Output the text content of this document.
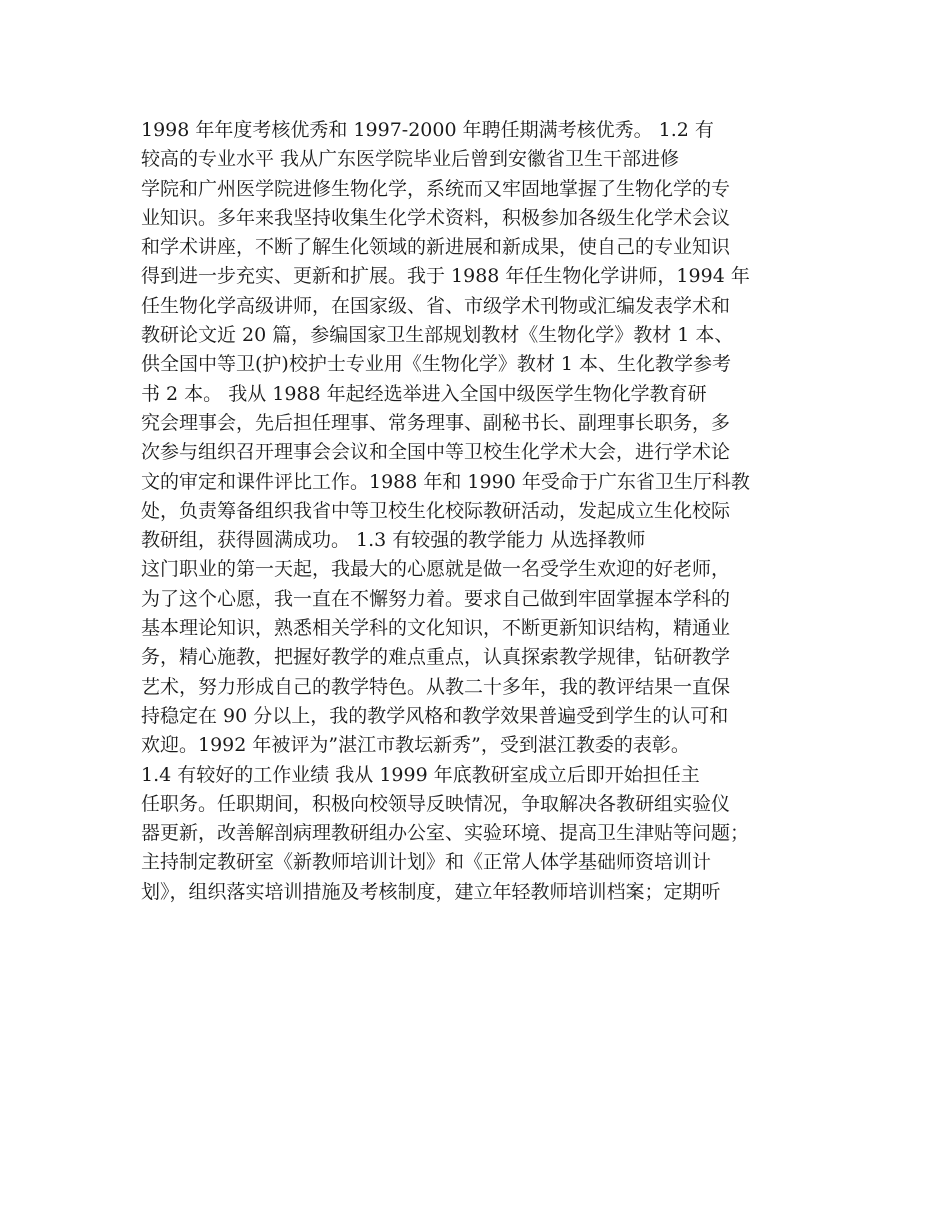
1998 年年度考核优秀和 1997-2000 年聘任期满考核优秀。 1.2 有
较高的专业水平 我从广东医学院毕业后曾到安徽省卫生干部进修
学院和广州医学院进修生物化学，系统而又牢固地掌握了生物化学的专
业知识。多年来我坚持收集生化学术资料，积极参加各级生化学术会议
和学术讲座，不断了解生化领域的新进展和新成果，使自己的专业知识
得到进一步充实、更新和扩展。我于 1988 年任生物化学讲师，1994 年
任生物化学高级讲师，在国家级、省、市级学术刊物或汇编发表学术和
教研论文近 20 篇，参编国家卫生部规划教材《生物化学》教材 1 本、
供全国中等卫(护)校护士专业用《生物化学》教材 1 本、生化教学参考
书 2 本。 我从 1988 年起经选举进入全国中级医学生物化学教育研
究会理事会，先后担任理事、常务理事、副秘书长、副理事长职务，多
次参与组织召开理事会会议和全国中等卫校生化学术大会，进行学术论
文的审定和课件评比工作。1988 年和 1990 年受命于广东省卫生厅科教
处，负责筹备组织我省中等卫校生化校际教研活动，发起成立生化校际
教研组，获得圆满成功。 1.3 有较强的教学能力 从选择教师
这门职业的第一天起，我最大的心愿就是做一名受学生欢迎的好老师，
为了这个心愿，我一直在不懈努力着。要求自己做到牢固掌握本学科的
基本理论知识，熟悉相关学科的文化知识，不断更新知识结构，精通业
务，精心施教，把握好教学的难点重点，认真探索教学规律，钻研教学
艺术，努力形成自己的教学特色。从教二十多年，我的教评结果一直保
持稳定在 90 分以上，我的教学风格和教学效果普遍受到学生的认可和
欢迎。1992 年被评为”湛江市教坛新秀”，受到湛江教委的表彰。
1.4 有较好的工作业绩 我从 1999 年底教研室成立后即开始担任主
任职务。任职期间，积极向校领导反映情况，争取解决各教研组实验仪
器更新，改善解剖病理教研组办公室、实验环境、提高卫生津贴等问题；
主持制定教研室《新教师培训计划》和《正常人体学基础师资培训计
划》，组织落实培训措施及考核制度，建立年轻教师培训档案；定期听
